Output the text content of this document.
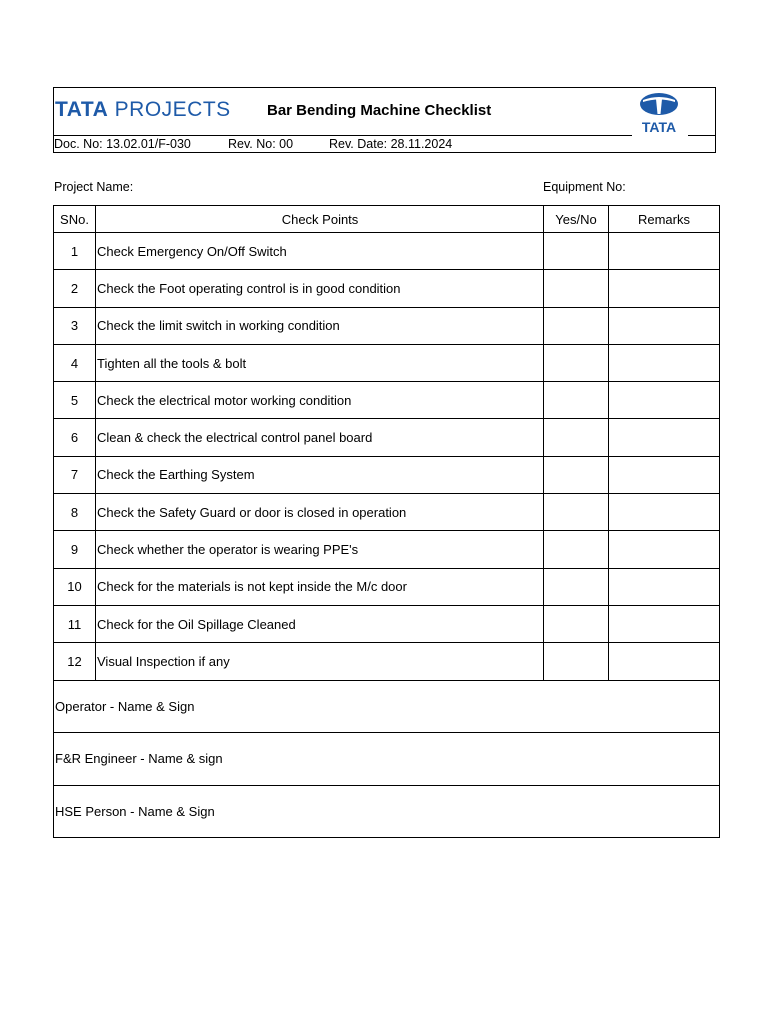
TATA PROJECTS Bar Bending Machine Checklist
TATA
Doc. No: 13.02.01/F-030	Rev. No: 00	Rev. Date: 28.11.2024
Project Name:	Equipment No:
SNo.	Check Points	Yes/No	Remarks
1	Check Emergency On/Off Switch		
2	Check the Foot operating control is in good condition		
3	Check the limit switch in working condition		
4	Tighten all the tools & bolt		
5	Check the electrical motor working condition		
6	Clean & check the electrical control panel board		
7	Check the Earthing System		
8	Check the Safety Guard or door is closed in operation		
9	Check whether the operator is wearing PPE's		
10	Check for the materials is not kept inside the M/c door		
11	Check for the Oil Spillage Cleaned		
12	Visual Inspection if any		
Operator - Name & Sign			
F&R Engineer - Name & sign			
HSE Person - Name & Sign			
